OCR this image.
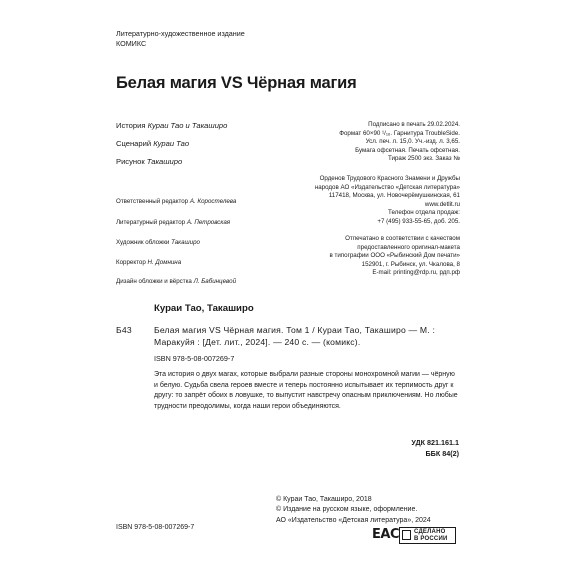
Литературно-художественное издание
КОМИКС
Белая магия VS Чёрная магия
История Кураи Тао и Такаширо
Сценарий Кураи Тао
Рисунок Такаширо
Ответственный редактор А. Коростелева
Литературный редактор А. Петровская
Художник обложки Такаширо
Корректор Н. Домнина
Дизайн обложки и вёрстка Л. Бабинцевой
Подписано в печать 29.02.2024.
Формат 60×90 ¹/₁₆. Гарнитура TroubleSide.
Усл. печ. л. 15,0. Уч.-изд. л. 3,65.
Бумага офсетная. Печать офсетная.
Тираж 2500 экз. Заказ №
Орденов Трудового Красного Знамени и Дружбы
народов АО «Издательство «Детская литература»
117418, Москва, ул. Новочерёмушкинская, 61
www.detlit.ru
Телефон отдела продаж:
+7 (495) 933-55-65, доб. 205.
Отпечатано в соответствии с качеством
предоставленного оригинал-макета
в типографии ООО «Рыбинский Дом печати»
152901, г. Рыбинск, ул. Чкалова, 8
E-mail: printing@rdp.ru, рдп.рф
Кураи Тао, Такаширо
Б43	Белая магия VS Чёрная магия. Том 1 / Кураи Тао, Такаширо — М. :
Маракуйя : [Дет. лит., 2024]. — 240 с. — (комикс).
ISBN 978-5-08-007269-7
Эта история о двух магах, которые выбрали разные стороны монохромной магии — чёрную и белую. Судьба свела героев вместе и теперь постоянно испытывает их терпимость друг к другу: то запрёт обоих в ловушке, то выпустит навстречу опасным приключениям. Но любые трудности преодолимы, когда наши герои объединяются.
УДК 821.161.1
ББК 84(2)
ISBN 978-5-08-007269-7
© Кураи Тао, Такаширо, 2018
© Издание на русском языке, оформление.
АО «Издательство «Детская литература», 2024
EAC	СДЕЛАНО
В РОССИИ
